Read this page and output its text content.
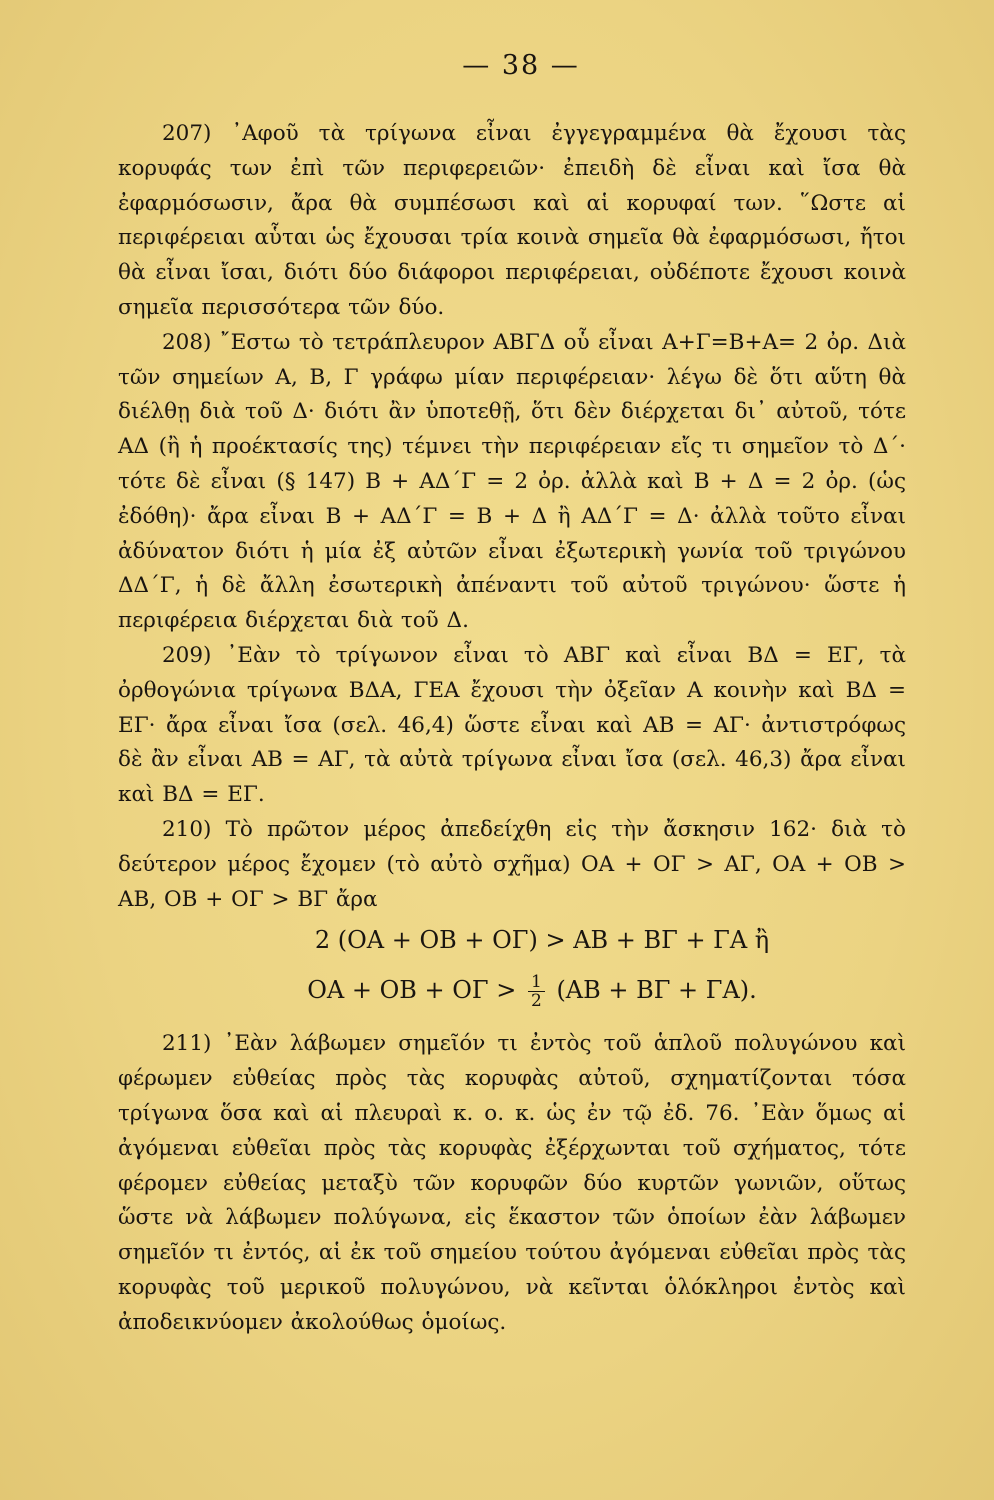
— 38 —

207) ᾿Αφοῦ τὰ τρίγωνα εἶναι ἐγγεγραμμένα θὰ ἔχουσι τὰς κορυφάς των ἐπὶ τῶν περιφερειῶν· ἐπειδὴ δὲ εἶναι καὶ ἴσα θὰ ἐφαρμόσωσιν, ἄρα θὰ συμπέσωσι καὶ αἱ κορυφαί των. ῞Ωστε αἱ περιφέρειαι αὗται ὡς ἔχουσαι τρία κοινὰ σημεῖα θὰ ἐφαρμόσωσι, ἤτοι θὰ εἶναι ἴσαι, διότι δύο διάφοροι περιφέρειαι, οὐδέποτε ἔχουσι κοινὰ σημεῖα περισσότερα τῶν δύο.

208) ῎Εστω τὸ τετράπλευρον ΑΒΓΔ οὗ εἶναι Α+Γ=Β+Α= 2 ὀρ. Διὰ τῶν σημείων Α, Β, Γ γράφω μίαν περιφέρειαν· λέγω δὲ ὅτι αὕτη θὰ διέλθῃ διὰ τοῦ Δ· διότι ἂν ὑποτεθῇ, ὅτι δὲν διέρχεται δι᾿ αὐτοῦ, τότε ΑΔ (ἢ ἡ προέκτασίς της) τέμνει τὴν περιφέρειαν εἴς τι σημεῖον τὸ Δ΄· τότε δὲ εἶναι (§ 147) Β + ΑΔ΄Γ = 2 ὀρ. ἀλλὰ καὶ Β + Δ = 2 ὀρ. (ὡς ἐδόθη)· ἄρα εἶναι Β + ΑΔ΄Γ = Β + Δ ἢ ΑΔ΄Γ = Δ· ἀλλὰ τοῦτο εἶναι ἀδύνατον διότι ἡ μία ἐξ αὐτῶν εἶναι ἐξωτερικὴ γωνία τοῦ τριγώνου ΔΔ΄Γ, ἡ δὲ ἄλλη ἐσωτερικὴ ἀπέναντι τοῦ αὐτοῦ τριγώνου· ὥστε ἡ περιφέρεια διέρχεται διὰ τοῦ Δ.

209) ᾿Εὰν τὸ τρίγωνον εἶναι τὸ ΑΒΓ καὶ εἶναι ΒΔ = ΕΓ, τὰ ὀρθογώνια τρίγωνα ΒΔΑ, ΓΕΑ ἔχουσι τὴν ὀξεῖαν Α κοινὴν καὶ ΒΔ = ΕΓ· ἄρα εἶναι ἴσα (σελ. 46,4) ὥστε εἶναι καὶ ΑΒ = ΑΓ· ἀντιστρόφως δὲ ἂν εἶναι ΑΒ = ΑΓ, τὰ αὐτὰ τρίγωνα εἶναι ἴσα (σελ. 46,3) ἄρα εἶναι καὶ ΒΔ = ΕΓ.

210) Τὸ πρῶτον μέρος ἀπεδείχθη εἰς τὴν ἄσκησιν 162· διὰ τὸ δεύτερον μέρος ἔχομεν (τὸ αὐτὸ σχῆμα) ΟΑ + ΟΓ > ΑΓ, ΟΑ + ΟΒ > ΑΒ, ΟΒ + ΟΓ > ΒΓ ἄρα

2 (ΟΑ + ΟΒ + ΟΓ) > ΑΒ + ΒΓ + ΓΑ ἢ

$OA + OB + O\Gamma > \frac{1}{2} (AB + B\Gamma + \Gamma A)$.

211) ᾿Εὰν λάβωμεν σημεῖόν τι ἐντὸς τοῦ ἁπλοῦ πολυγώνου καὶ φέρωμεν εὐθείας πρὸς τὰς κορυφὰς αὐτοῦ, σχηματίζονται τόσα τρίγωνα ὅσα καὶ αἱ πλευραὶ κ. ο. κ. ὡς ἐν τῷ ἐδ. 76. ᾿Εὰν ὅμως αἱ ἀγόμεναι εὐθεῖαι πρὸς τὰς κορυφὰς ἐξέρχωνται τοῦ σχήματος, τότε φέρομεν εὐθείας μεταξὺ τῶν κορυφῶν δύο κυρτῶν γωνιῶν, οὕτως ὥστε νὰ λάβωμεν πολύγωνα, εἰς ἕκαστον τῶν ὁποίων ἐὰν λάβωμεν σημεῖόν τι ἐντός, αἱ ἐκ τοῦ σημείου τούτου ἀγόμεναι εὐθεῖαι πρὸς τὰς κορυφὰς τοῦ μερικοῦ πολυγώνου, νὰ κεῖνται ὁλόκληροι ἐντὸς καὶ ἀποδεικνύομεν ἀκολούθως ὁμοίως.
